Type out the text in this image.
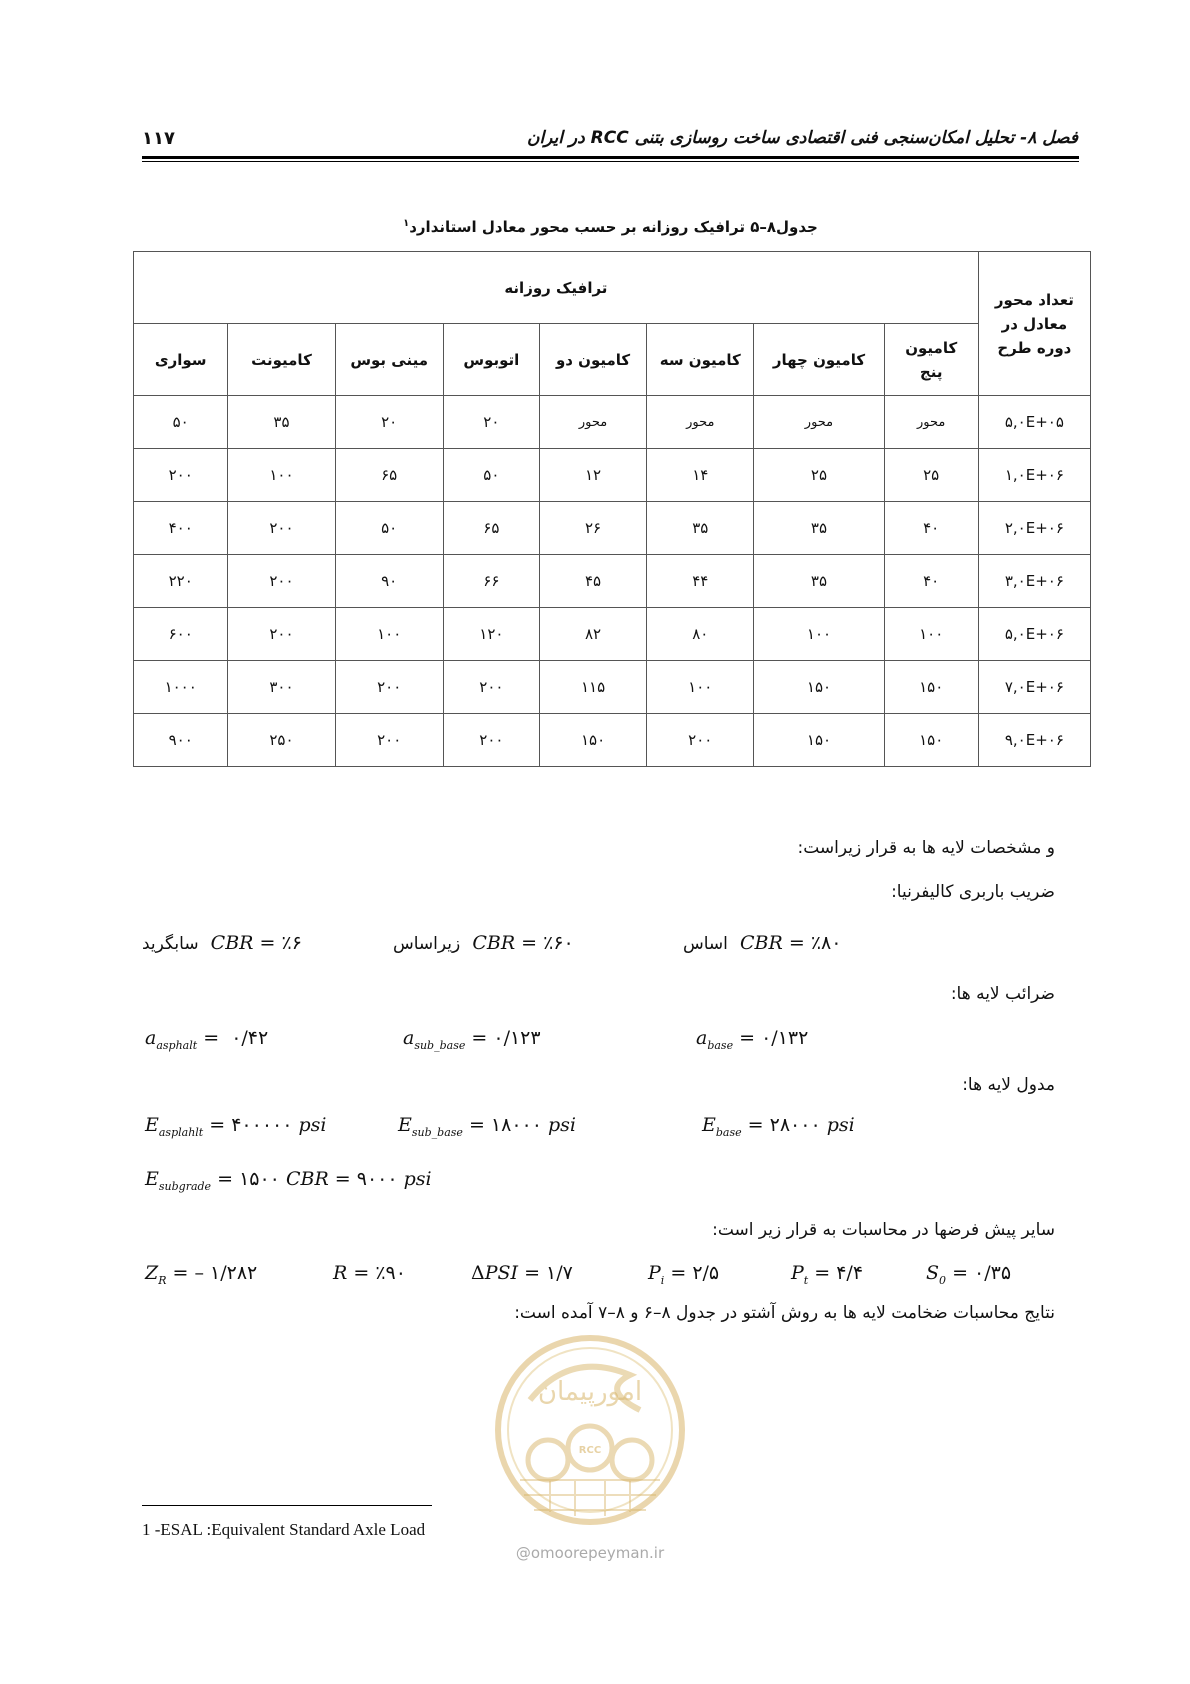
فصل ۸- تحلیل امکان‌سنجی فنی اقتصادی ساخت روسازی بتنی RCC در ایران
۱۱۷
جدول۸–۵ ترافیک روزانه بر حسب محور معادل استاندارد$^۱$
تعداد محور معادل در دوره طرح	ترافیک روزانه							
	کامیون پنج	کامیون چهار	کامیون سه	کامیون دو	اتوبوس	مینی بوس	کامیونت	سواری
۵,۰E+۰۵	محور	محور	محور	محور	۲۰	۲۰	۳۵	۵۰
۱,۰E+۰۶	۲۵	۲۵	۱۴	۱۲	۵۰	۶۵	۱۰۰	۲۰۰
۲,۰E+۰۶	۴۰	۳۵	۳۵	۲۶	۶۵	۵۰	۲۰۰	۴۰۰
۳,۰E+۰۶	۴۰	۳۵	۴۴	۴۵	۶۶	۹۰	۲۰۰	۲۲۰
۵,۰E+۰۶	۱۰۰	۱۰۰	۸۰	۸۲	۱۲۰	۱۰۰	۲۰۰	۶۰۰
۷,۰E+۰۶	۱۵۰	۱۵۰	۱۰۰	۱۱۵	۲۰۰	۲۰۰	۳۰۰	۱۰۰۰
۹,۰E+۰۶	۱۵۰	۱۵۰	۲۰۰	۱۵۰	۲۰۰	۲۰۰	۲۵۰	۹۰۰
و مشخصات لایه ها به قرار زیراست:
ضریب باربری کالیفرنیا:
اساس CBR = ٪۸۰
زیراساس CBR = ٪۶۰
سابگرید CBR = ٪۶
ضرائب لایه ها:
$a_{asphalt}$ =  ۰/۴۲	$a_{sub\_base}$ = ۰/۱۲۳	$a_{base}$ = ۰/۱۳۲
مدول لایه ها:
$E_{asplahlt}$ = ۴۰۰۰۰۰ psi	$E_{sub\_base}$ = ۱۸۰۰۰ psi	$E_{base}$ = ۲۸۰۰۰ psi
$E_{subgrade}$ = ۱۵۰۰ CBR = ۹۰۰۰ psi
سایر پیش فرضها در محاسبات به قرار زیر است:
$Z_R$ = – ۱/۲۸۲	R = ٪۹۰	ΔPSI = ۱/۷	$P_i$ = ۲/۵	$P_t$ = ۴/۴	$S_0$ = ۰/۳۵
نتایج محاسبات ضخامت لایه ها به روش آشتو در جدول ۸–۶ و ۸–۷ آمده است:
امورپیمان
RCC
@omoorepeyman.ir
1 -ESAL :Equivalent Standard Axle Load
